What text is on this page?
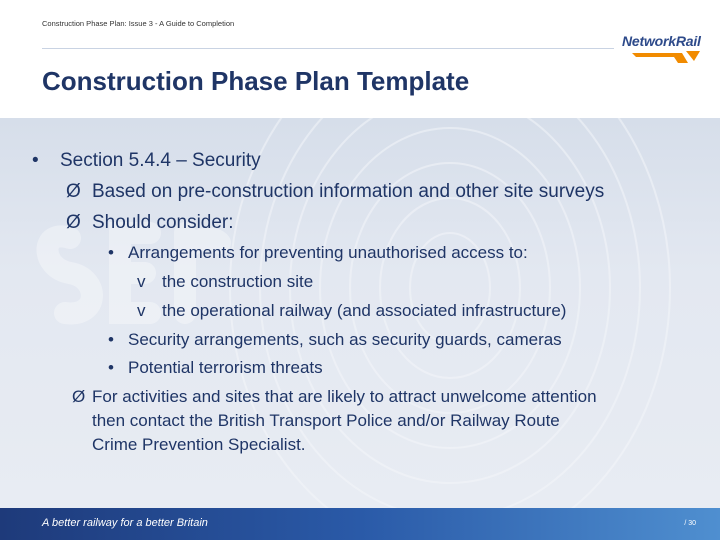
Construction Phase Plan: Issue 3 - A Guide to Completion
NetworkRail
Construction Phase Plan Template
• Section 5.4.4 – Security
Ø Based on pre-construction information and other site surveys
Ø Should consider:
• Arrangements for preventing unauthorised access to:
v the construction site
v the operational railway (and associated infrastructure)
• Security arrangements, such as security guards, cameras
• Potential terrorism threats
Ø For activities and sites that are likely to attract unwelcome attention
then contact the British Transport Police and/or Railway Route
Crime Prevention Specialist.
A better railway for a better Britain	/ 30
